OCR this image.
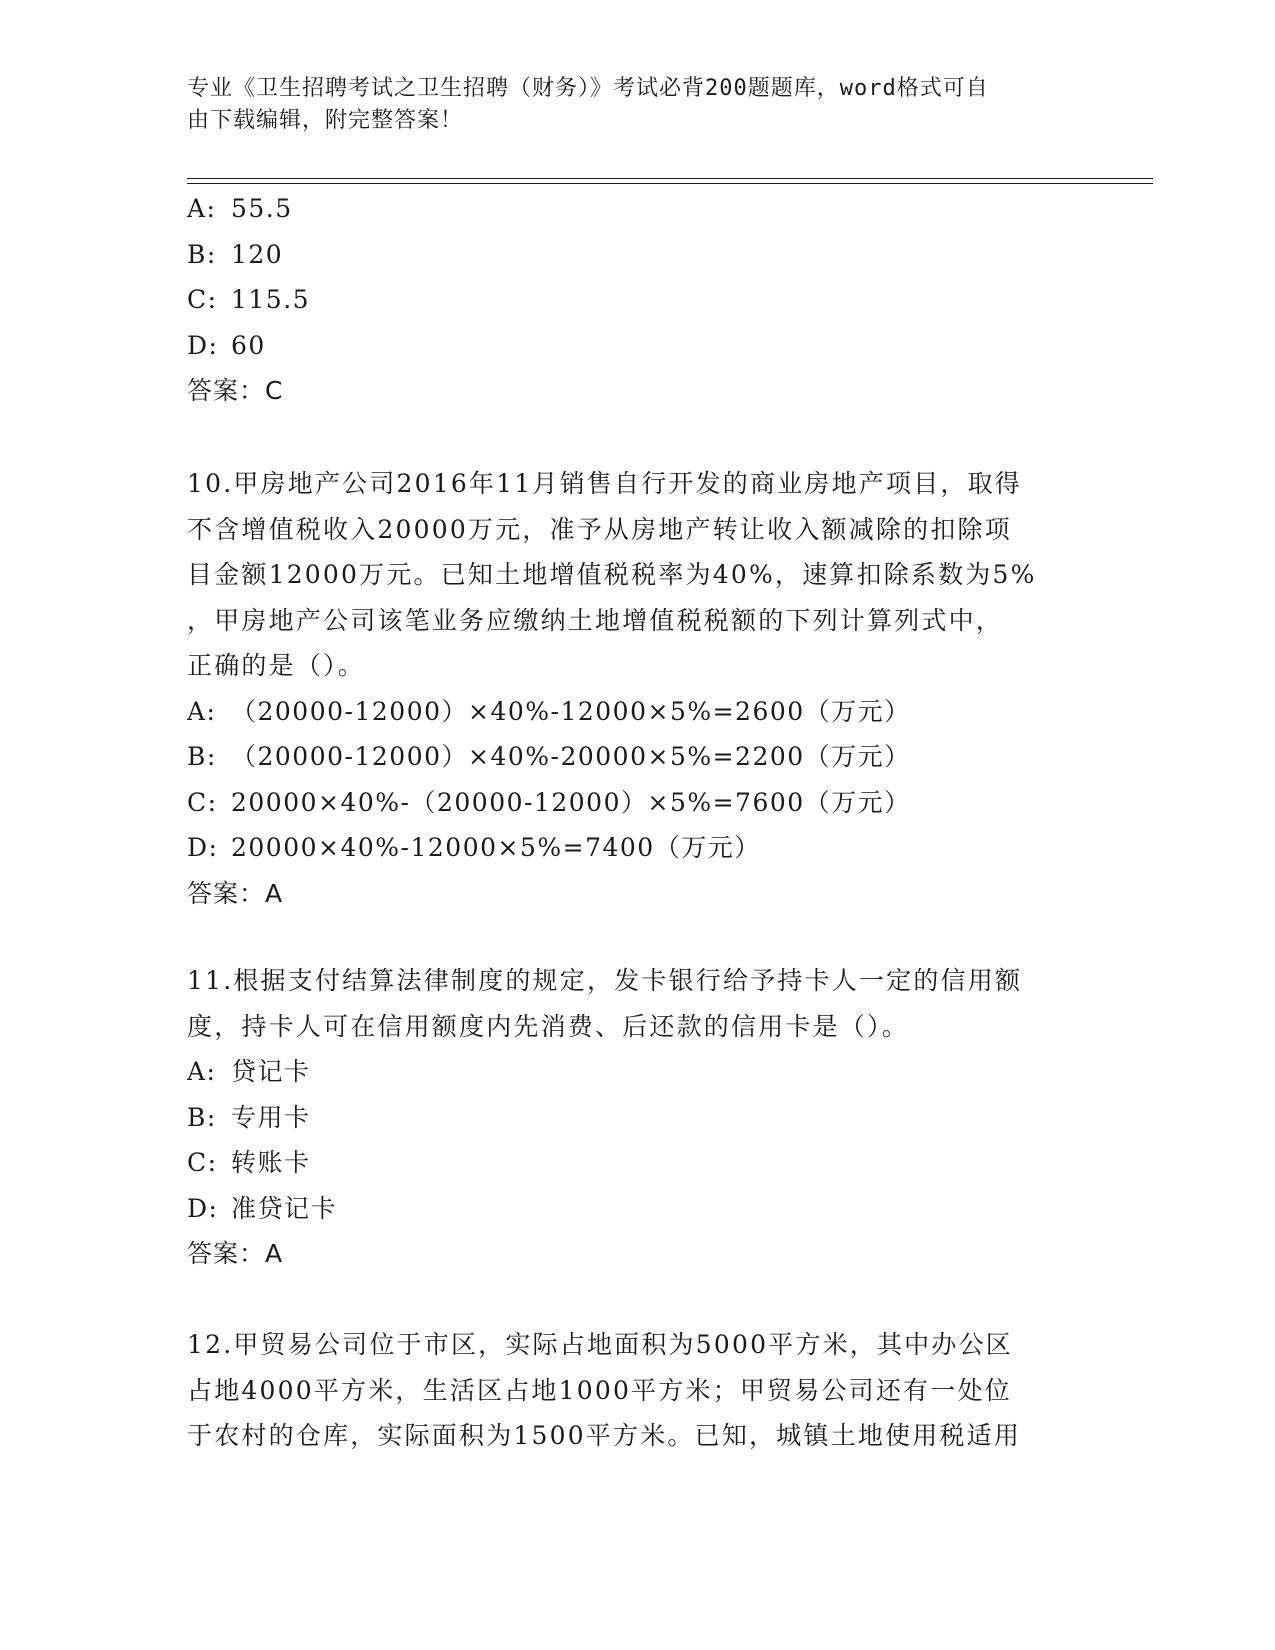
专业《卫生招聘考试之卫生招聘（财务）》考试必背200题题库，word格式可自
由下载编辑，附完整答案！
A: 55.5
B: 120
C: 115.5
D: 60
答案：C
10.甲房地产公司2016年11月销售自行开发的商业房地产项目，取得
不含增值税收入20000万元，准予从房地产转让收入额减除的扣除项
目金额12000万元。已知土地增值税税率为40%，速算扣除系数为5%
，甲房地产公司该笔业务应缴纳土地增值税税额的下列计算列式中，
正确的是（）。
A: （20000-12000）×40%-12000×5%=2600（万元）
B: （20000-12000）×40%-20000×5%=2200（万元）
C: 20000×40%-（20000-12000）×5%=7600（万元）
D: 20000×40%-12000×5%=7400（万元）
答案：A
11.根据支付结算法律制度的规定，发卡银行给予持卡人一定的信用额
度，持卡人可在信用额度内先消费、后还款的信用卡是（）。
A: 贷记卡
B: 专用卡
C: 转账卡
D: 准贷记卡
答案：A
12.甲贸易公司位于市区，实际占地面积为5000平方米，其中办公区
占地4000平方米，生活区占地1000平方米；甲贸易公司还有一处位
于农村的仓库，实际面积为1500平方米。已知，城镇土地使用税适用
